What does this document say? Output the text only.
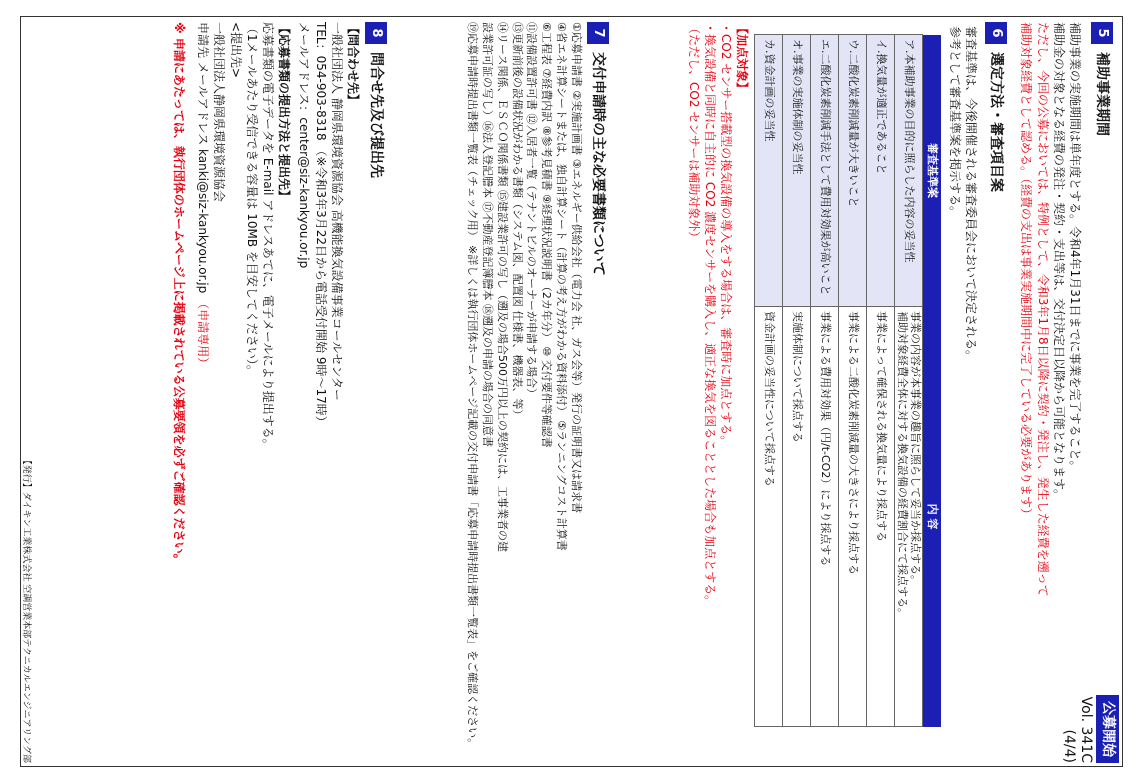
公募開始
Vol. 341C
(4/4)
5
補助事業期間

補助事業の実施期間は単年度とする。令和4年1月31日までに事業を完了すること。

補助金の対象となる経費の発注・契約・支出等は、交付決定日以降から可能となります。

ただし、今回の公募においては、特例として、令和3年1月8日以降に契約・発注し、発生した経費を遡って

補助対象経費として認める。（経費の支出は事業実施期間中に完了している必要があります）

6
選定方法・審査項目案

審査基準は、今後開催される審査委員会において決定される。

参考として審査基準案を掲示する。

審査基準案	内 容
ア.本補助事業の目的に照らした内容の妥当性	事業の内容が本事業の趣旨に照らして妥当か採点する。
補助対象経費全体に対する換気設備の経費割合にて採点する。

イ.換気量が適正であること	事業によって確保される換気量により採点する
ウ.二酸化炭素削減量が大きいこと	事業による二酸化炭素削減量の大きさにより採点する
エ.二酸化炭素削減手法として費用対効果が高いこと	事業による費用対効果（円/t-CO2）により採点する
オ.事業の実施体制の妥当性	実施体制について採点する
カ.資金計画の妥当性	資金計画の妥当性について採点する

【加点対象】

・CO2 センサー搭載型の換気設備の導入をする場合は、審査時に加点とする。

・換気設備と同時に自主的に CO2 濃度センサーを購入し、適正な換気を図ることとした場合も加点とする。

（ただし、CO2 センサーは補助対象外）

7
交付申請時の主な必要書類について

①応募申請書 ②実施計画書 ③エネルギー供給会社（電力会 社、ガス会等）発行の証明書又は請求書

④省エネ計算シートまたは、独自計算シート（計算の考え方がわかる資料添付） ⑤ランニングコスト計算書

⑥工程表 ⑦経費内訳 ⑧参考見積書 ⑨経理状況説明書（2カ年分） ⑩ 交付要件等確認書

⑪設備設置許可書 ⑫入居者一覧（テナントビルのオーナーが申請する場合）

⑬更新前後の設備状況がわかる書類（システム図、配置図 仕様書、機器表、等）

⑭リース関係、ＥＳＣＯ関係書類 ⑮建設業許可の写し（遡及の場合500万円以上の契約には、工事業者の建

設業許可証の写し）⑯法人登記謄本 ⑰不動産登記簿謄本 ⑱遡及の申請の場合の同意書

⑲応募申請時提出書類一覧表（チェック用） ※詳しくは執行団体ホームページ記載の交付申請書「応募申請時提出書類一覧表」をご確認ください。

8
問合せ先及び提出先

【問合わせ先】

一般社団法人 静岡県環境資源協会 高機能換気設備事業コールセンター

TEL：054-903-8318 （※令和3年3月22日から電話受付開始 9時～17時）

メールアドレス：center@siz-kankyou.or.jp

【応募書類の提出方法と提出先】

応募書類の電子データを E-mail アドレスあてに、電子メールにより提出する。

（1メールあたり受信できる容量は 10MB を目安してください）。

<提出先>

一般社団法人静岡県環境資源協会

申請先 メールアドレス kanki@siz-kankyou.or.jp （申請専用）

※ 申請にあたっては、執行団体のホームページ上に掲載されている公募要領を必ずご確認ください。

【発行】ダイキン工業株式会社 空調営業本部テクニカルエンジニアリング部
